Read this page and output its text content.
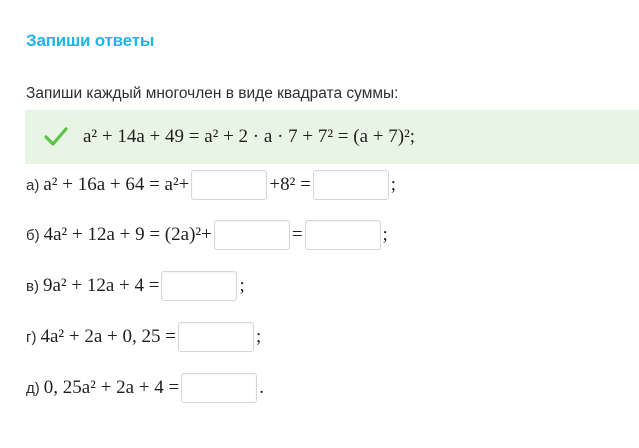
Запиши ответы
Запиши каждый многочлен в виде квадрата суммы:
a² + 14a + 49 = a² + 2 · a · 7 + 7² = (a + 7)²;
а) a² + 16a + 64 = a²+	+8² =	;
б) 4a² + 12a + 9 = (2a)²+	=	;
в) 9a² + 12a + 4 =	;
г) 4a² + 2a + 0, 25 =	;
д) 0, 25a² + 2a + 4 =	.
